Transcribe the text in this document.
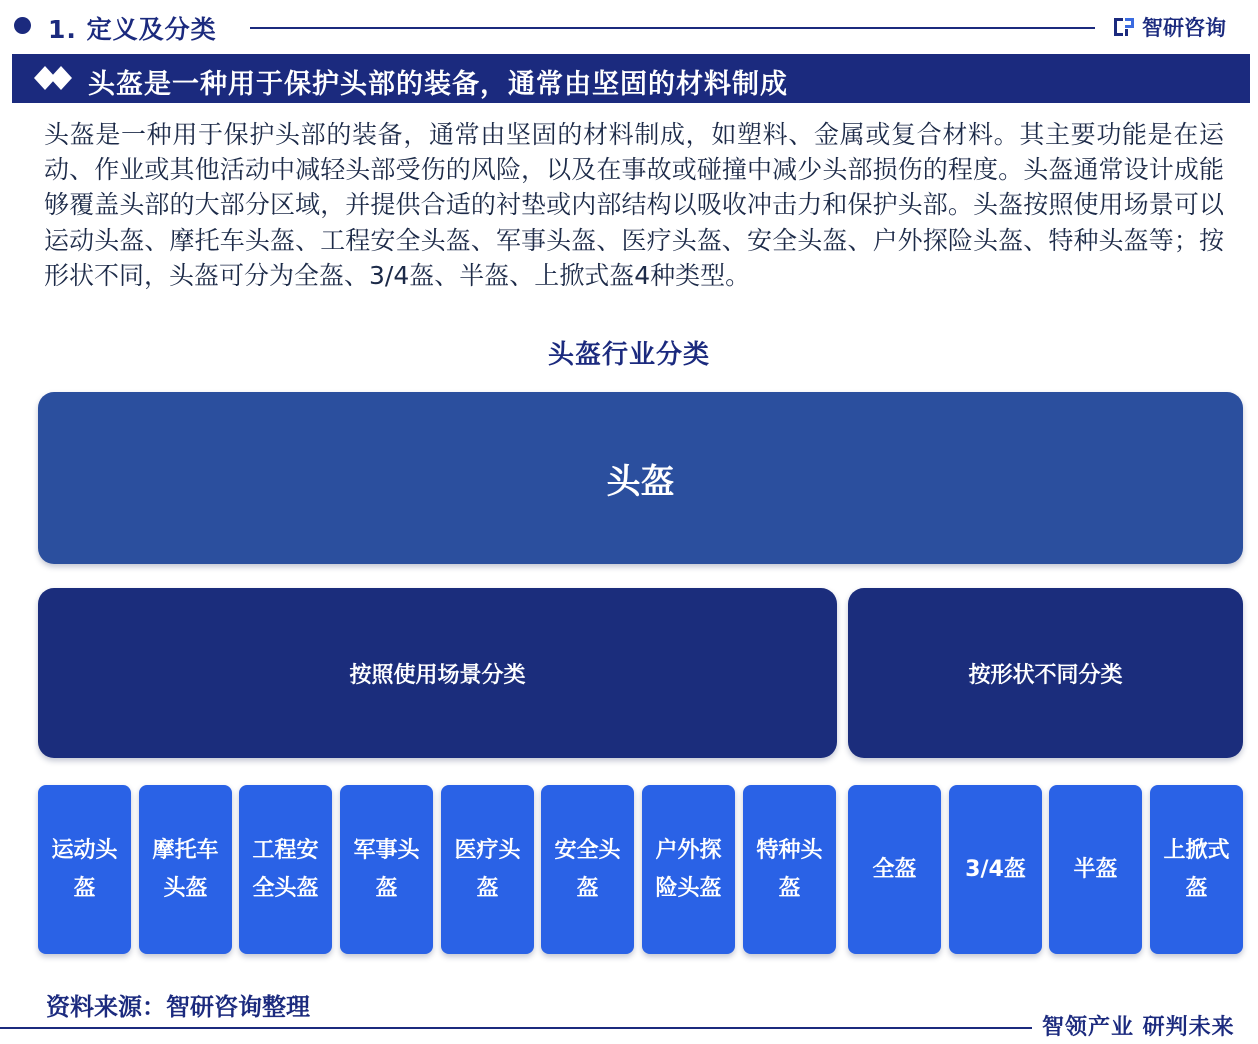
1. 定义及分类	智研咨询
头盔是一种用于保护头部的装备，通常由坚固的材料制成
头盔是一种用于保护头部的装备，通常由坚固的材料制成，如塑料、金属或复合材料。其主要功能是在运动、作业或其他活动中减轻头部受伤的风险，以及在事故或碰撞中减少头部损伤的程度。头盔通常设计成能够覆盖头部的大部分区域，并提供合适的衬垫或内部结构以吸收冲击力和保护头部。头盔按照使用场景可以运动头盔、摩托车头盔、工程安全头盔、军事头盔、医疗头盔、安全头盔、户外探险头盔、特种头盔等；按形状不同，头盔可分为全盔、3/4盔、半盔、上掀式盔4种类型。
头盔行业分类
头盔
按照使用场景分类	按形状不同分类
运动头盔
摩托车头盔
工程安全头盔
军事头盔
医疗头盔
安全头盔
户外探险头盔
特种头盔
全盔 3/4盔 半盔
上掀式盔
资料来源：智研咨询整理
智领产业 研判未来
